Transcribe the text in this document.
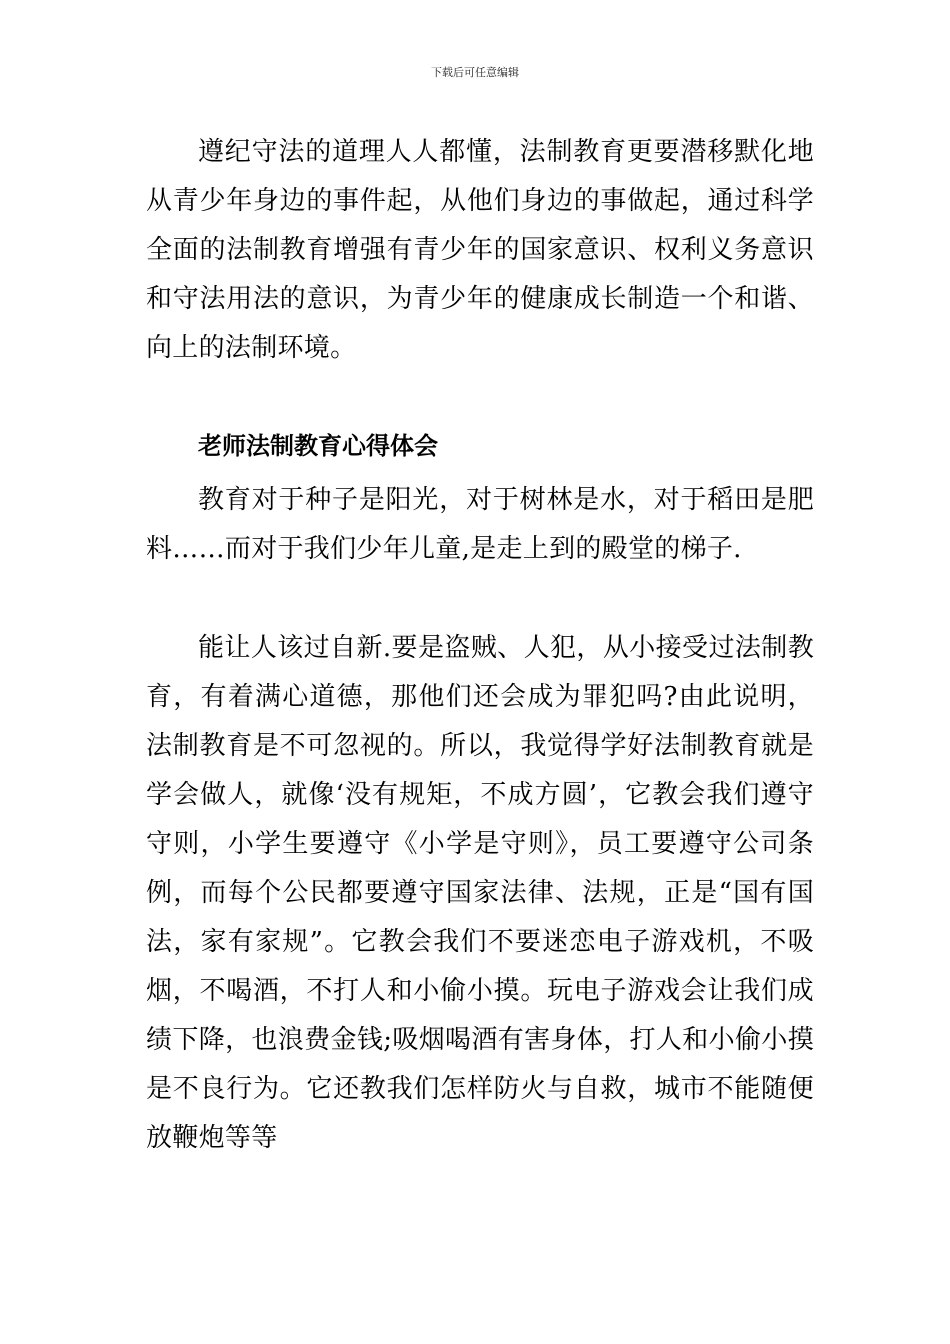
下载后可任意编辑

遵纪守法的道理人人都懂，法制教育更要潜移默化地从青少年身边的事件起，从他们身边的事做起，通过科学全面的法制教育增强有青少年的国家意识、权利义务意识和守法用法的意识，为青少年的健康成长制造一个和谐、向上的法制环境。

老师法制教育心得体会

教育对于种子是阳光，对于树林是水，对于稻田是肥料……而对于我们少年儿童,是走上到的殿堂的梯子.

能让人该过自新.要是盗贼、人犯，从小接受过法制教育，有着满心道德，那他们还会成为罪犯吗?由此说明，法制教育是不可忽视的。所以，我觉得学好法制教育就是学会做人，就像‘没有规矩，不成方圆’，它教会我们遵守守则，小学生要遵守《小学是守则》，员工要遵守公司条例，而每个公民都要遵守国家法律、法规，正是“国有国法，家有家规”。它教会我们不要迷恋电子游戏机，不吸烟，不喝酒，不打人和小偷小摸。玩电子游戏会让我们成绩下降，也浪费金钱;吸烟喝酒有害身体，打人和小偷小摸是不良行为。它还教我们怎样防火与自救，城市不能随便放鞭炮等等
